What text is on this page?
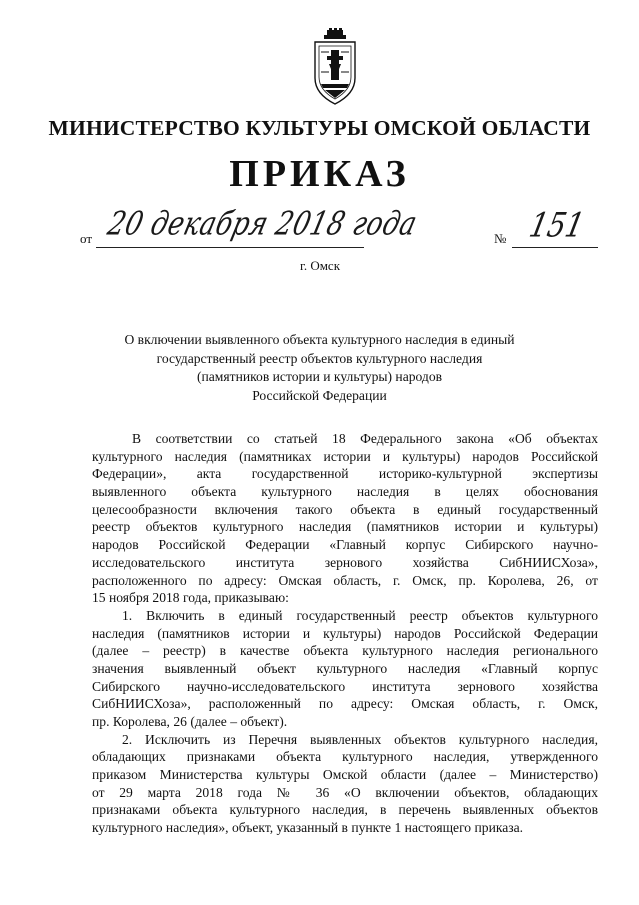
МИНИСТЕРСТВО КУЛЬТУРЫ ОМСКОЙ ОБЛАСТИ
ПРИКАЗ
от 20 декабря 2018 года	№ 151
г. Омск
О включении выявленного объекта культурного наследия в единый
государственный реестр объектов культурного наследия
(памятников истории и культуры) народов
Российской Федерации
В соответствии со статьей 18 Федерального закона «Об объектах
культурного наследия (памятниках истории и культуры) народов Российской
Федерации», акта государственной историко-культурной экспертизы
выявленного объекта культурного наследия в целях обоснования
целесообразности включения такого объекта в единый государственный
реестр объектов культурного наследия (памятников истории и культуры)
народов Российской Федерации «Главный корпус Сибирского научно-
исследовательского института зернового хозяйства СибНИИСХоза»,
расположенного по адресу: Омская область, г. Омск, пр. Королева, 26, от
15 ноября 2018 года, приказываю:
1. Включить в единый государственный реестр объектов культурного
наследия (памятников истории и культуры) народов Российской Федерации
(далее – реестр) в качестве объекта культурного наследия регионального
значения выявленный объект культурного наследия «Главный корпус
Сибирского научно-исследовательского института зернового хозяйства
СибНИИСХоза», расположенный по адресу: Омская область, г. Омск,
пр. Королева, 26 (далее – объект).
2. Исключить из Перечня выявленных объектов культурного наследия,
обладающих признаками объекта культурного наследия, утвержденного
приказом Министерства культуры Омской области (далее – Министерство)
от 29 марта 2018 года № 36 «О включении объектов, обладающих
признаками объекта культурного наследия, в перечень выявленных объектов
культурного наследия», объект, указанный в пункте 1 настоящего приказа.
